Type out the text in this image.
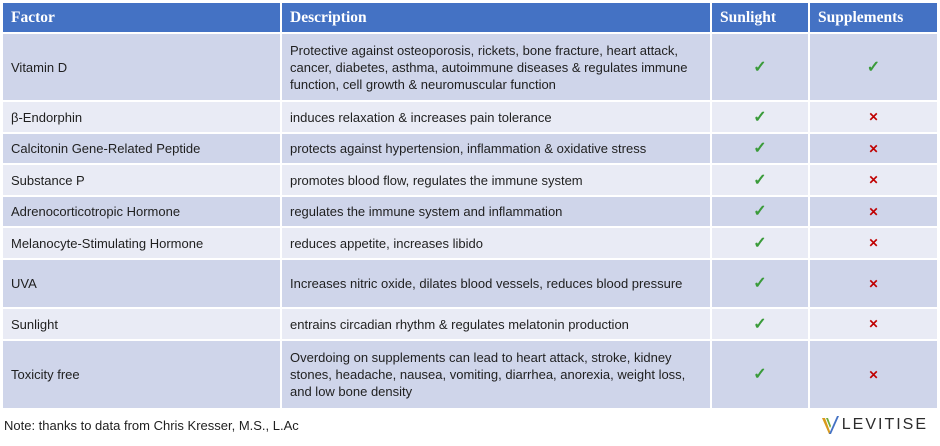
Factor	Description	Sunlight	Supplements
Vitamin D	Protective against osteoporosis, rickets, bone fracture, heart attack, cancer, diabetes, asthma, autoimmune diseases & regulates immune function, cell growth & neuromuscular function	✓	✓
β-Endorphin	induces relaxation & increases pain tolerance	✓	✕
Calcitonin Gene-Related Peptide	protects against hypertension, inflammation & oxidative stress	✓	✕
Substance P	promotes blood flow, regulates the immune system	✓	✕
Adrenocorticotropic Hormone	regulates the immune system and inflammation	✓	✕
Melanocyte-Stimulating Hormone	reduces appetite, increases libido	✓	✕
UVA	Increases nitric oxide, dilates blood vessels, reduces blood pressure	✓	✕
Sunlight	entrains circadian rhythm & regulates melatonin production	✓	✕
Toxicity free	Overdoing on supplements can lead to heart attack, stroke, kidney stones, headache, nausea, vomiting, diarrhea, anorexia, weight loss, and low bone density	✓	✕
Note: thanks to data from Chris Kresser, M.S., L.Ac	LEVITISE
